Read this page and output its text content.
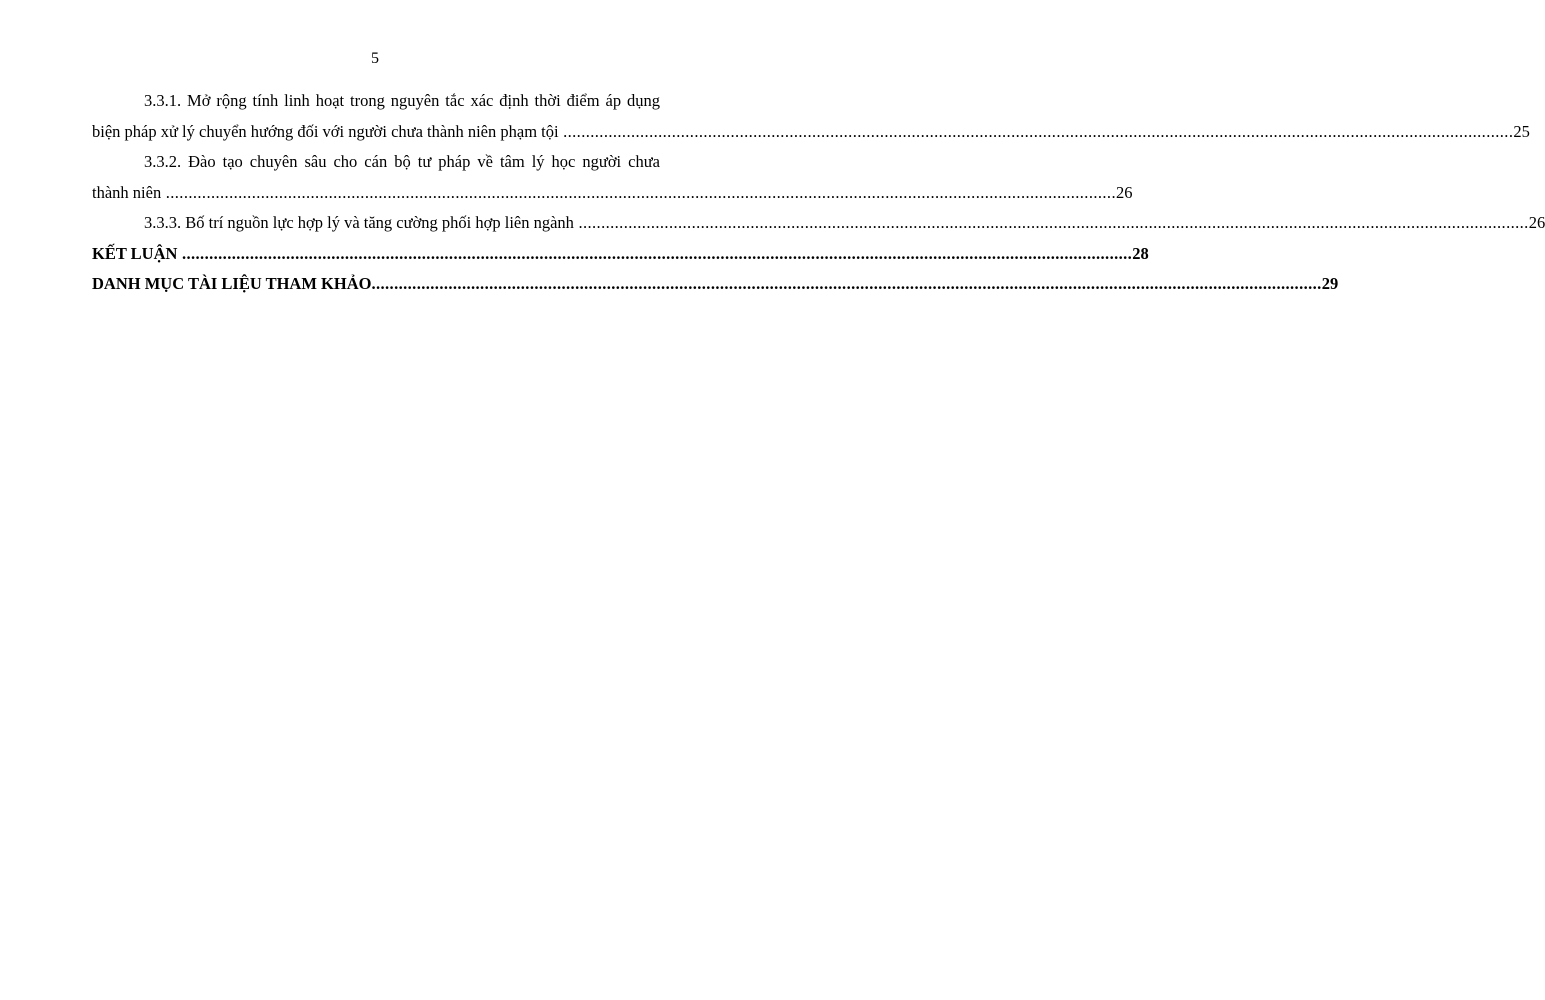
5
3.3.1. Mở rộng tính linh hoạt trong nguyên tắc xác định thời điểm áp dụng
biện pháp xử lý chuyển hướng đối với người chưa thành niên phạm tội .................................................................................................................................................................................................................. 25
3.3.2. Đào tạo chuyên sâu cho cán bộ tư pháp về tâm lý học người chưa
thành niên .................................................................................................................................................................................................................. 26
3.3.3. Bố trí nguồn lực hợp lý và tăng cường phối hợp liên ngành .................................................................................................................................................................................................................. 26
KẾT LUẬN .................................................................................................................................................................................................................. 28
DANH MỤC TÀI LIỆU THAM KHẢO .................................................................................................................................................................................................................. 29
